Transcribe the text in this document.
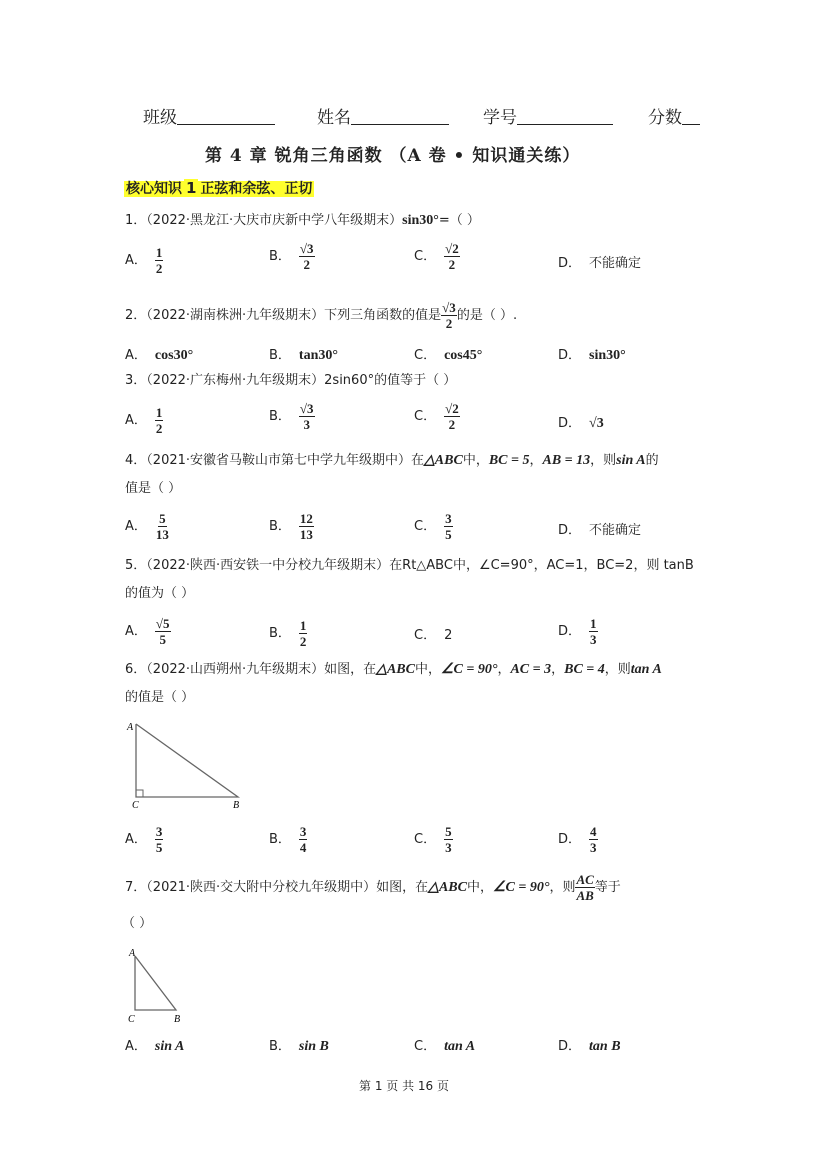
班级	姓名	学号	分数
第 4 章 锐角三角函数 （A 卷 • 知识通关练）
核心知识 1 正弦和余弦、正切
1．（2022·黑龙江·大庆市庆新中学八年级期末）sin30°=（ ）
A． $\frac{1}{2}$	B． $\frac{√3}{2}$	C． $\frac{√2}{2}$	D． 不能确定
2．（2022·湖南株洲·九年级期末）下列三角函数的值是 $\frac{√3}{2}$ 的是（ ）.
A． cos30°	B． tan30°	C． cos45°	D． sin30°
3．（2022·广东梅州·九年级期末）2sin60°的值等于（ ）
A． $\frac{1}{2}$	B． $\frac{√3}{3}$	C． $\frac{√2}{2}$	D． √3
4．（2021·安徽省马鞍山市第七中学九年级期中）在△ABC中，BC = 5，AB = 13，则sin A的
值是（ ）
A． $\frac{5}{13}$	B． $\frac{12}{13}$	C． $\frac{3}{5}$	D． 不能确定
5．（2022·陕西·西安铁一中分校九年级期末）在Rt△ABC中，∠C=90°，AC=1，BC=2，则 tanB
的值为（ ）
A． $\frac{√5}{5}$	B． $\frac{1}{2}$	C． 2	D． $\frac{1}{3}$
6．（2022·山西朔州·九年级期末）如图，在△ABC中，∠C = 90°，AC = 3，BC = 4，则tan A
的值是（ ）
A
C	B
A． $\frac{3}{5}$	B． $\frac{3}{4}$	C． $\frac{5}{3}$	D． $\frac{4}{3}$
7．（2021·陕西·交大附中分校九年级期中）如图，在△ABC中，∠C = 90°，则 $\frac{AC}{AB}$ 等于
（ ）
A
C	B
A． sin A	B． sin B	C． tan A	D． tan B
第 1 页 共 16 页
